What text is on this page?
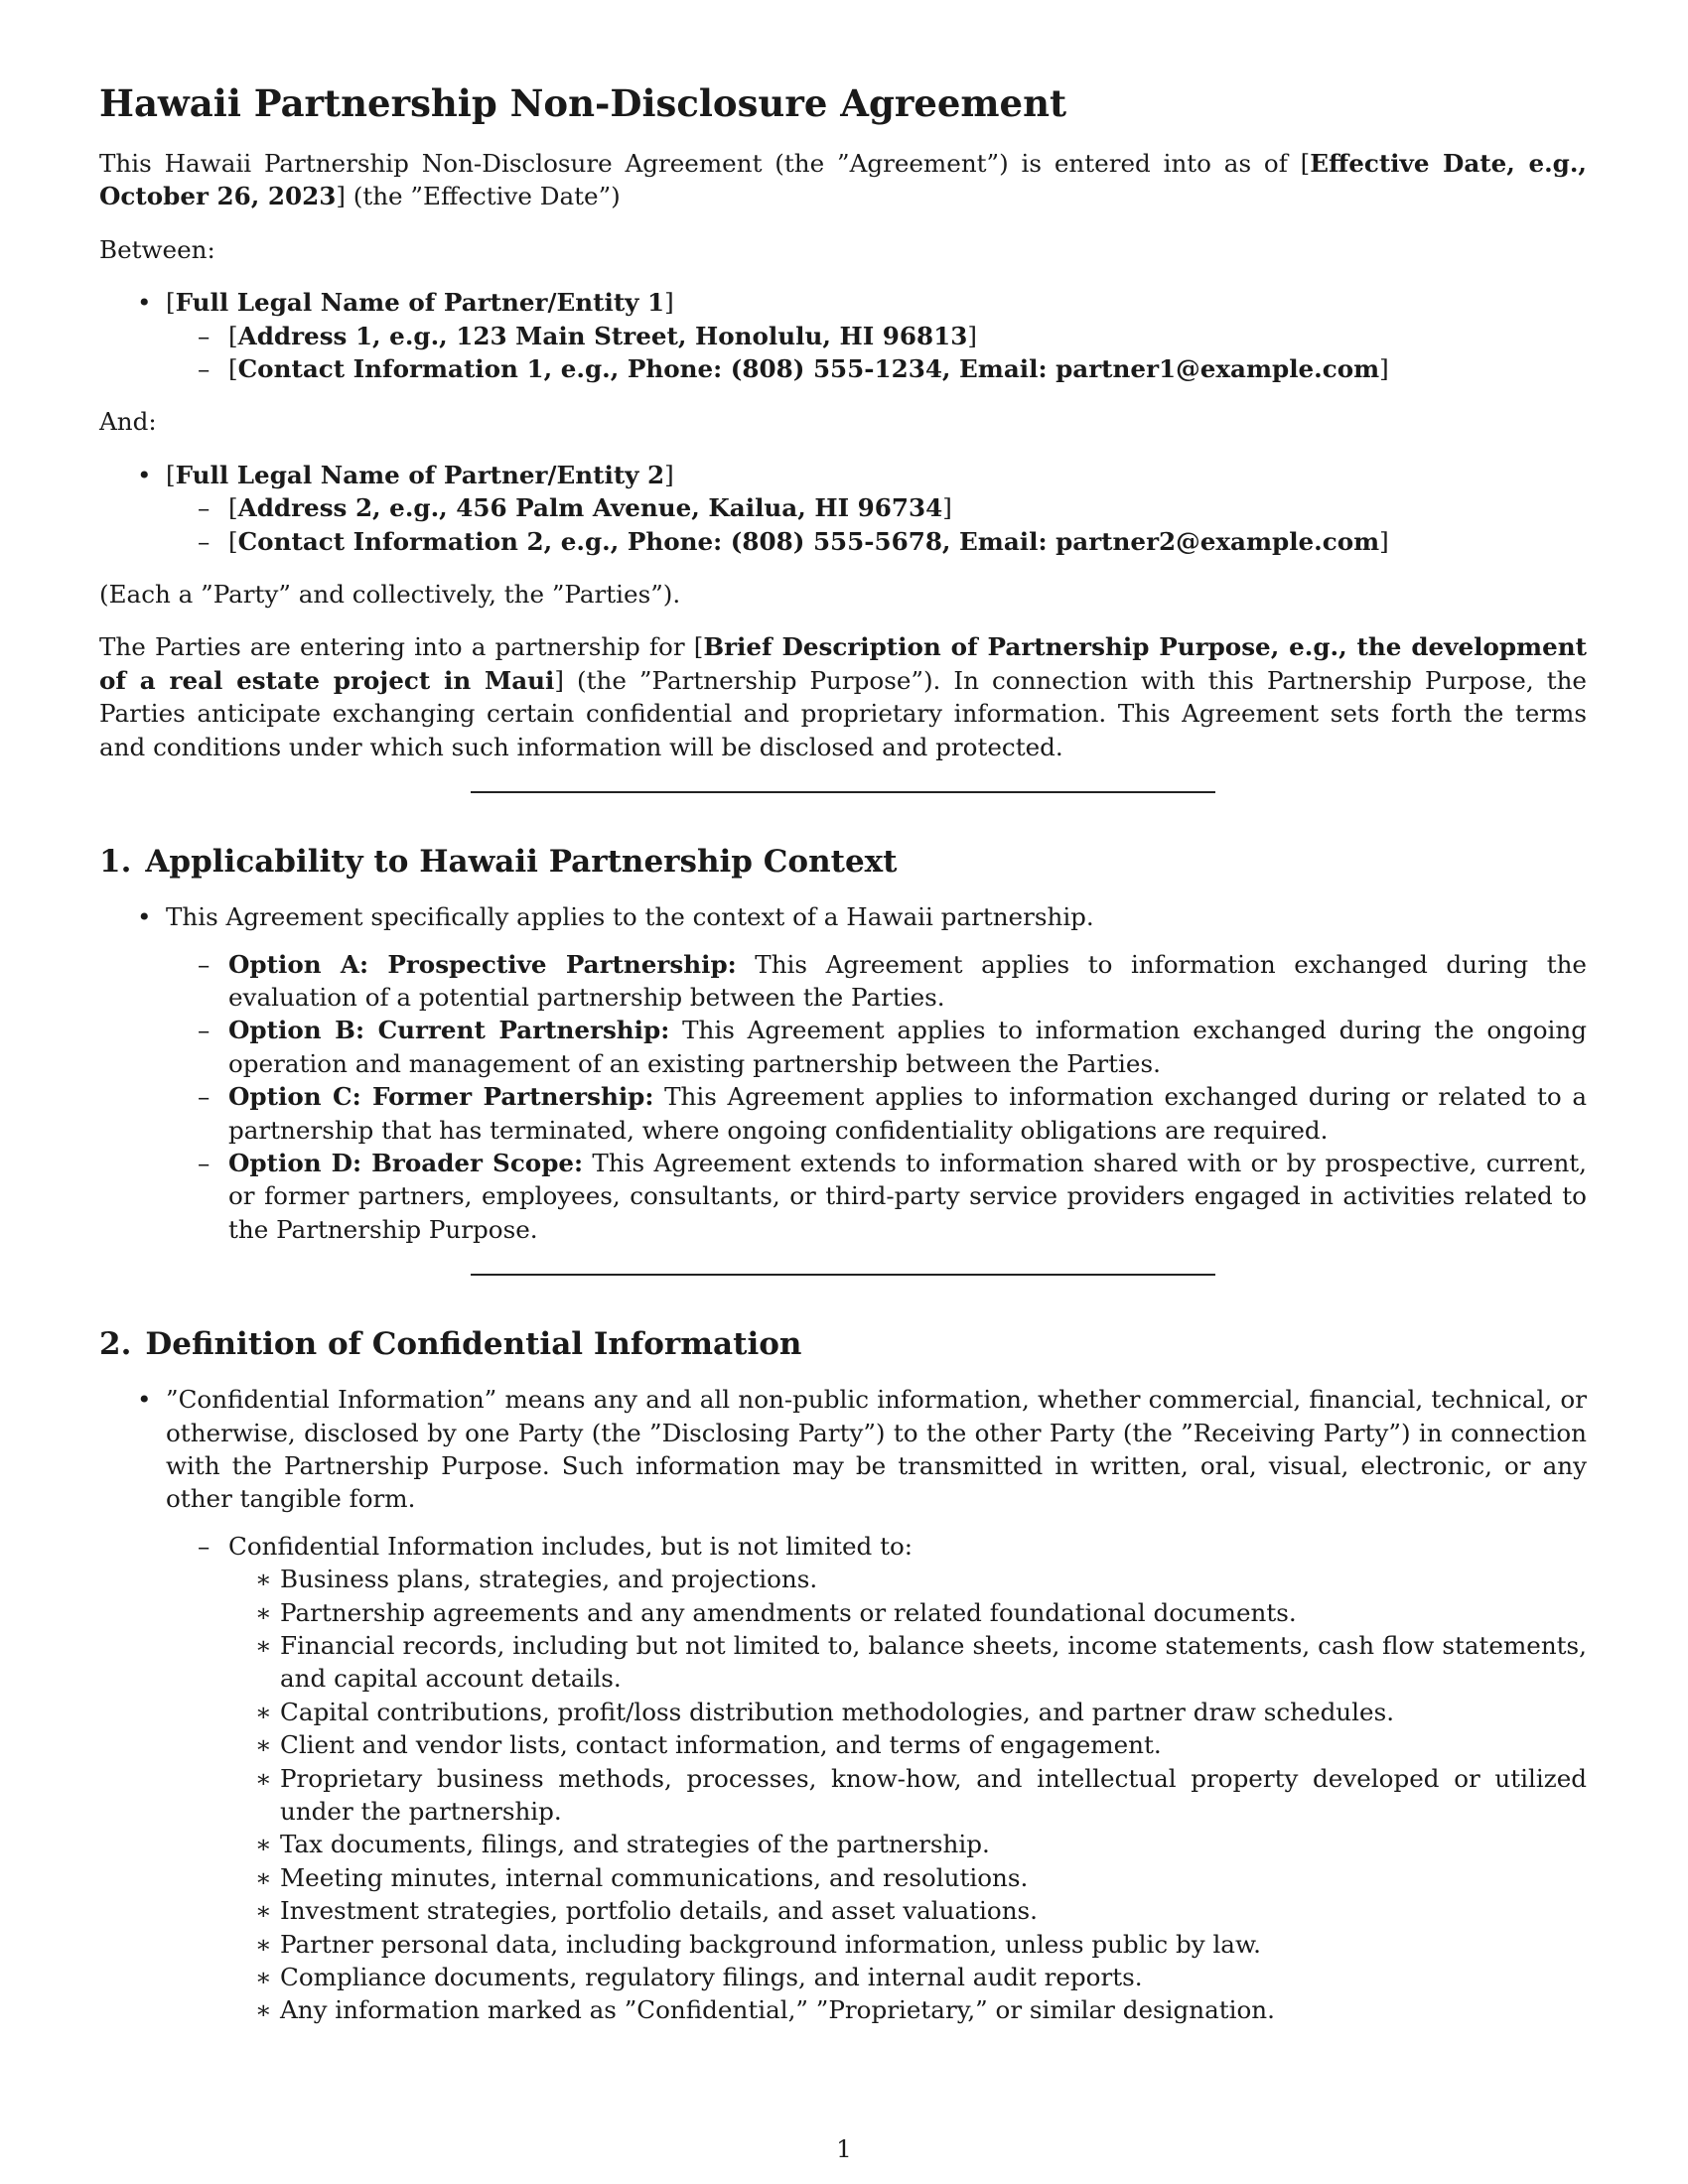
Hawaii Partnership Non-Disclosure Agreement

This Hawaii Partnership Non-Disclosure Agreement (the ”Agreement”) is entered into as of [Effective Date, e.g., October 26, 2023] (the ”Effective Date”)

Between:

• [Full Legal Name of Partner/Entity 1]
– [Address 1, e.g., 123 Main Street, Honolulu, HI 96813]
– [Contact Information 1, e.g., Phone: (808) 555-1234, Email: partner1@example.com]

And:

• [Full Legal Name of Partner/Entity 2]
– [Address 2, e.g., 456 Palm Avenue, Kailua, HI 96734]
– [Contact Information 2, e.g., Phone: (808) 555-5678, Email: partner2@example.com]

(Each a ”Party” and collectively, the ”Parties”).

The Parties are entering into a partnership for [Brief Description of Partnership Purpose, e.g., the development of a real estate project in Maui] (the ”Partnership Purpose”). In connection with this Partnership Purpose, the Parties anticipate exchanging certain confidential and proprietary information. This Agreement sets forth the terms and conditions under which such information will be disclosed and protected.

1. Applicability to Hawaii Partnership Context
• This Agreement specifically applies to the context of a Hawaii partnership.
– Option A: Prospective Partnership: This Agreement applies to information exchanged during the evaluation of a potential partnership between the Parties.
– Option B: Current Partnership: This Agreement applies to information exchanged during the ongoing operation and management of an existing partnership between the Parties.
– Option C: Former Partnership: This Agreement applies to information exchanged during or related to a partnership that has terminated, where ongoing confidentiality obligations are required.
– Option D: Broader Scope: This Agreement extends to information shared with or by prospective, current, or former partners, employees, consultants, or third-party service providers engaged in activities related to the Partnership Purpose.
2. Definition of Confidential Information
• ”Confidential Information” means any and all non-public information, whether commercial, financial, technical, or otherwise, disclosed by one Party (the ”Disclosing Party”) to the other Party (the ”Receiving Party”) in connection with the Partnership Purpose. Such information may be transmitted in written, oral, visual, electronic, or any other tangible form.
– Confidential Information includes, but is not limited to:
∗ Business plans, strategies, and projections.
∗ Partnership agreements and any amendments or related foundational documents.
∗ Financial records, including but not limited to, balance sheets, income statements, cash flow statements, and capital account details.
∗ Capital contributions, profit/loss distribution methodologies, and partner draw schedules.
∗ Client and vendor lists, contact information, and terms of engagement.
∗ Proprietary business methods, processes, know-how, and intellectual property developed or utilized under the partnership.
∗ Tax documents, filings, and strategies of the partnership.
∗ Meeting minutes, internal communications, and resolutions.
∗ Investment strategies, portfolio details, and asset valuations.
∗ Partner personal data, including background information, unless public by law.
∗ Compliance documents, regulatory filings, and internal audit reports.
∗ Any information marked as ”Confidential,” ”Proprietary,” or similar designation.
1
